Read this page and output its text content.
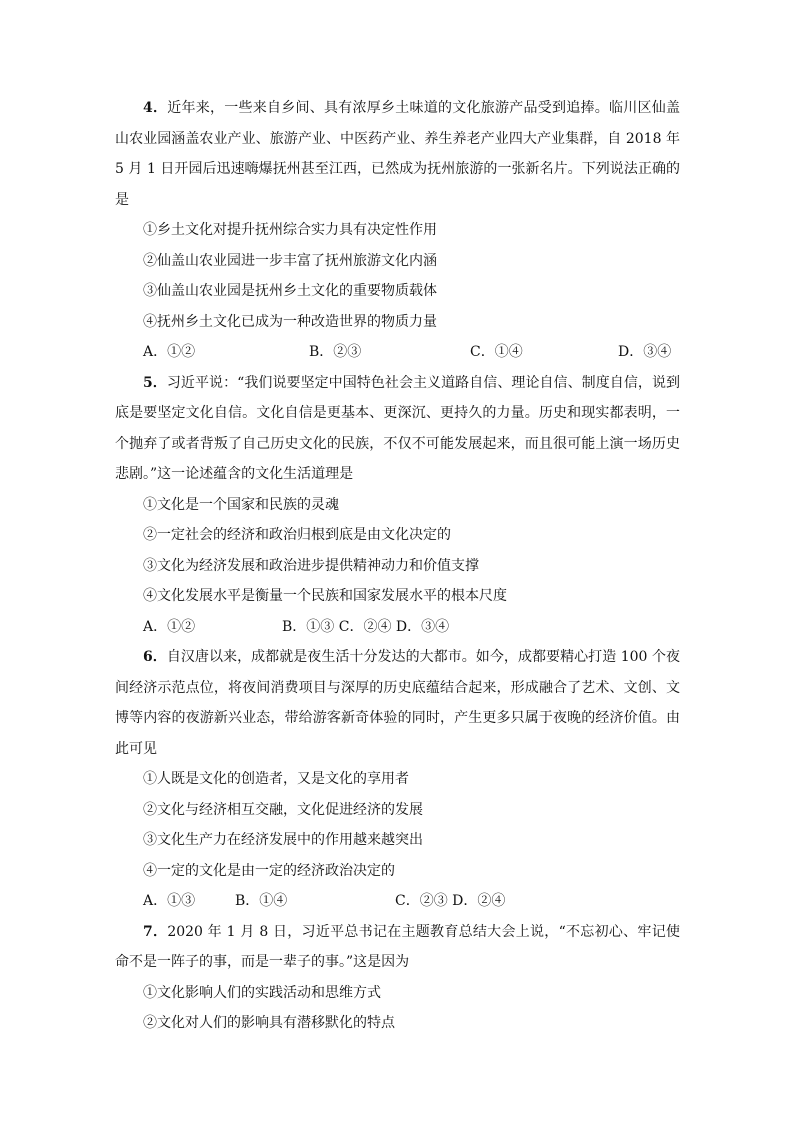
4．近年来，一些来自乡间、具有浓厚乡土味道的文化旅游产品受到追捧。临川区仙盖山农业园涵盖农业产业、旅游产业、中医药产业、养生养老产业四大产业集群，自 2018 年 5 月 1 日开园后迅速嗨爆抚州甚至江西，已然成为抚州旅游的一张新名片。下列说法正确的是

①乡土文化对提升抚州综合实力具有决定性作用

②仙盖山农业园进一步丰富了抚州旅游文化内涵

③仙盖山农业园是抚州乡土文化的重要物质载体

④抚州乡土文化已成为一种改造世界的物质力量

A．①②	B．②③	C．①④	D．③④

5．习近平说：“我们说要坚定中国特色社会主义道路自信、理论自信、制度自信，说到底是要坚定文化自信。文化自信是更基本、更深沉、更持久的力量。历史和现实都表明，一个抛弃了或者背叛了自己历史文化的民族，不仅不可能发展起来，而且很可能上演一场历史悲剧。”这一论述蕴含的文化生活道理是

①文化是一个国家和民族的灵魂

②一定社会的经济和政治归根到底是由文化决定的

③文化为经济发展和政治进步提供精神动力和价值支撑

④文化发展水平是衡量一个民族和国家发展水平的根本尺度

A．①②	B．①③ C．②④ D．③④

6．自汉唐以来，成都就是夜生活十分发达的大都市。如今，成都要精心打造 100 个夜间经济示范点位，将夜间消费项目与深厚的历史底蕴结合起来，形成融合了艺术、文创、文博等内容的夜游新兴业态，带给游客新奇体验的同时，产生更多只属于夜晚的经济价值。由此可见

①人既是文化的创造者，又是文化的享用者

②文化与经济相互交融，文化促进经济的发展

③文化生产力在经济发展中的作用越来越突出

④一定的文化是由一定的经济政治决定的

A．①③	B．①④	C．②③ D．②④

7．2020 年 1 月 8 日，习近平总书记在主题教育总结大会上说，“不忘初心、牢记使命不是一阵子的事，而是一辈子的事。”这是因为

①文化影响人们的实践活动和思维方式

②文化对人们的影响具有潜移默化的特点
